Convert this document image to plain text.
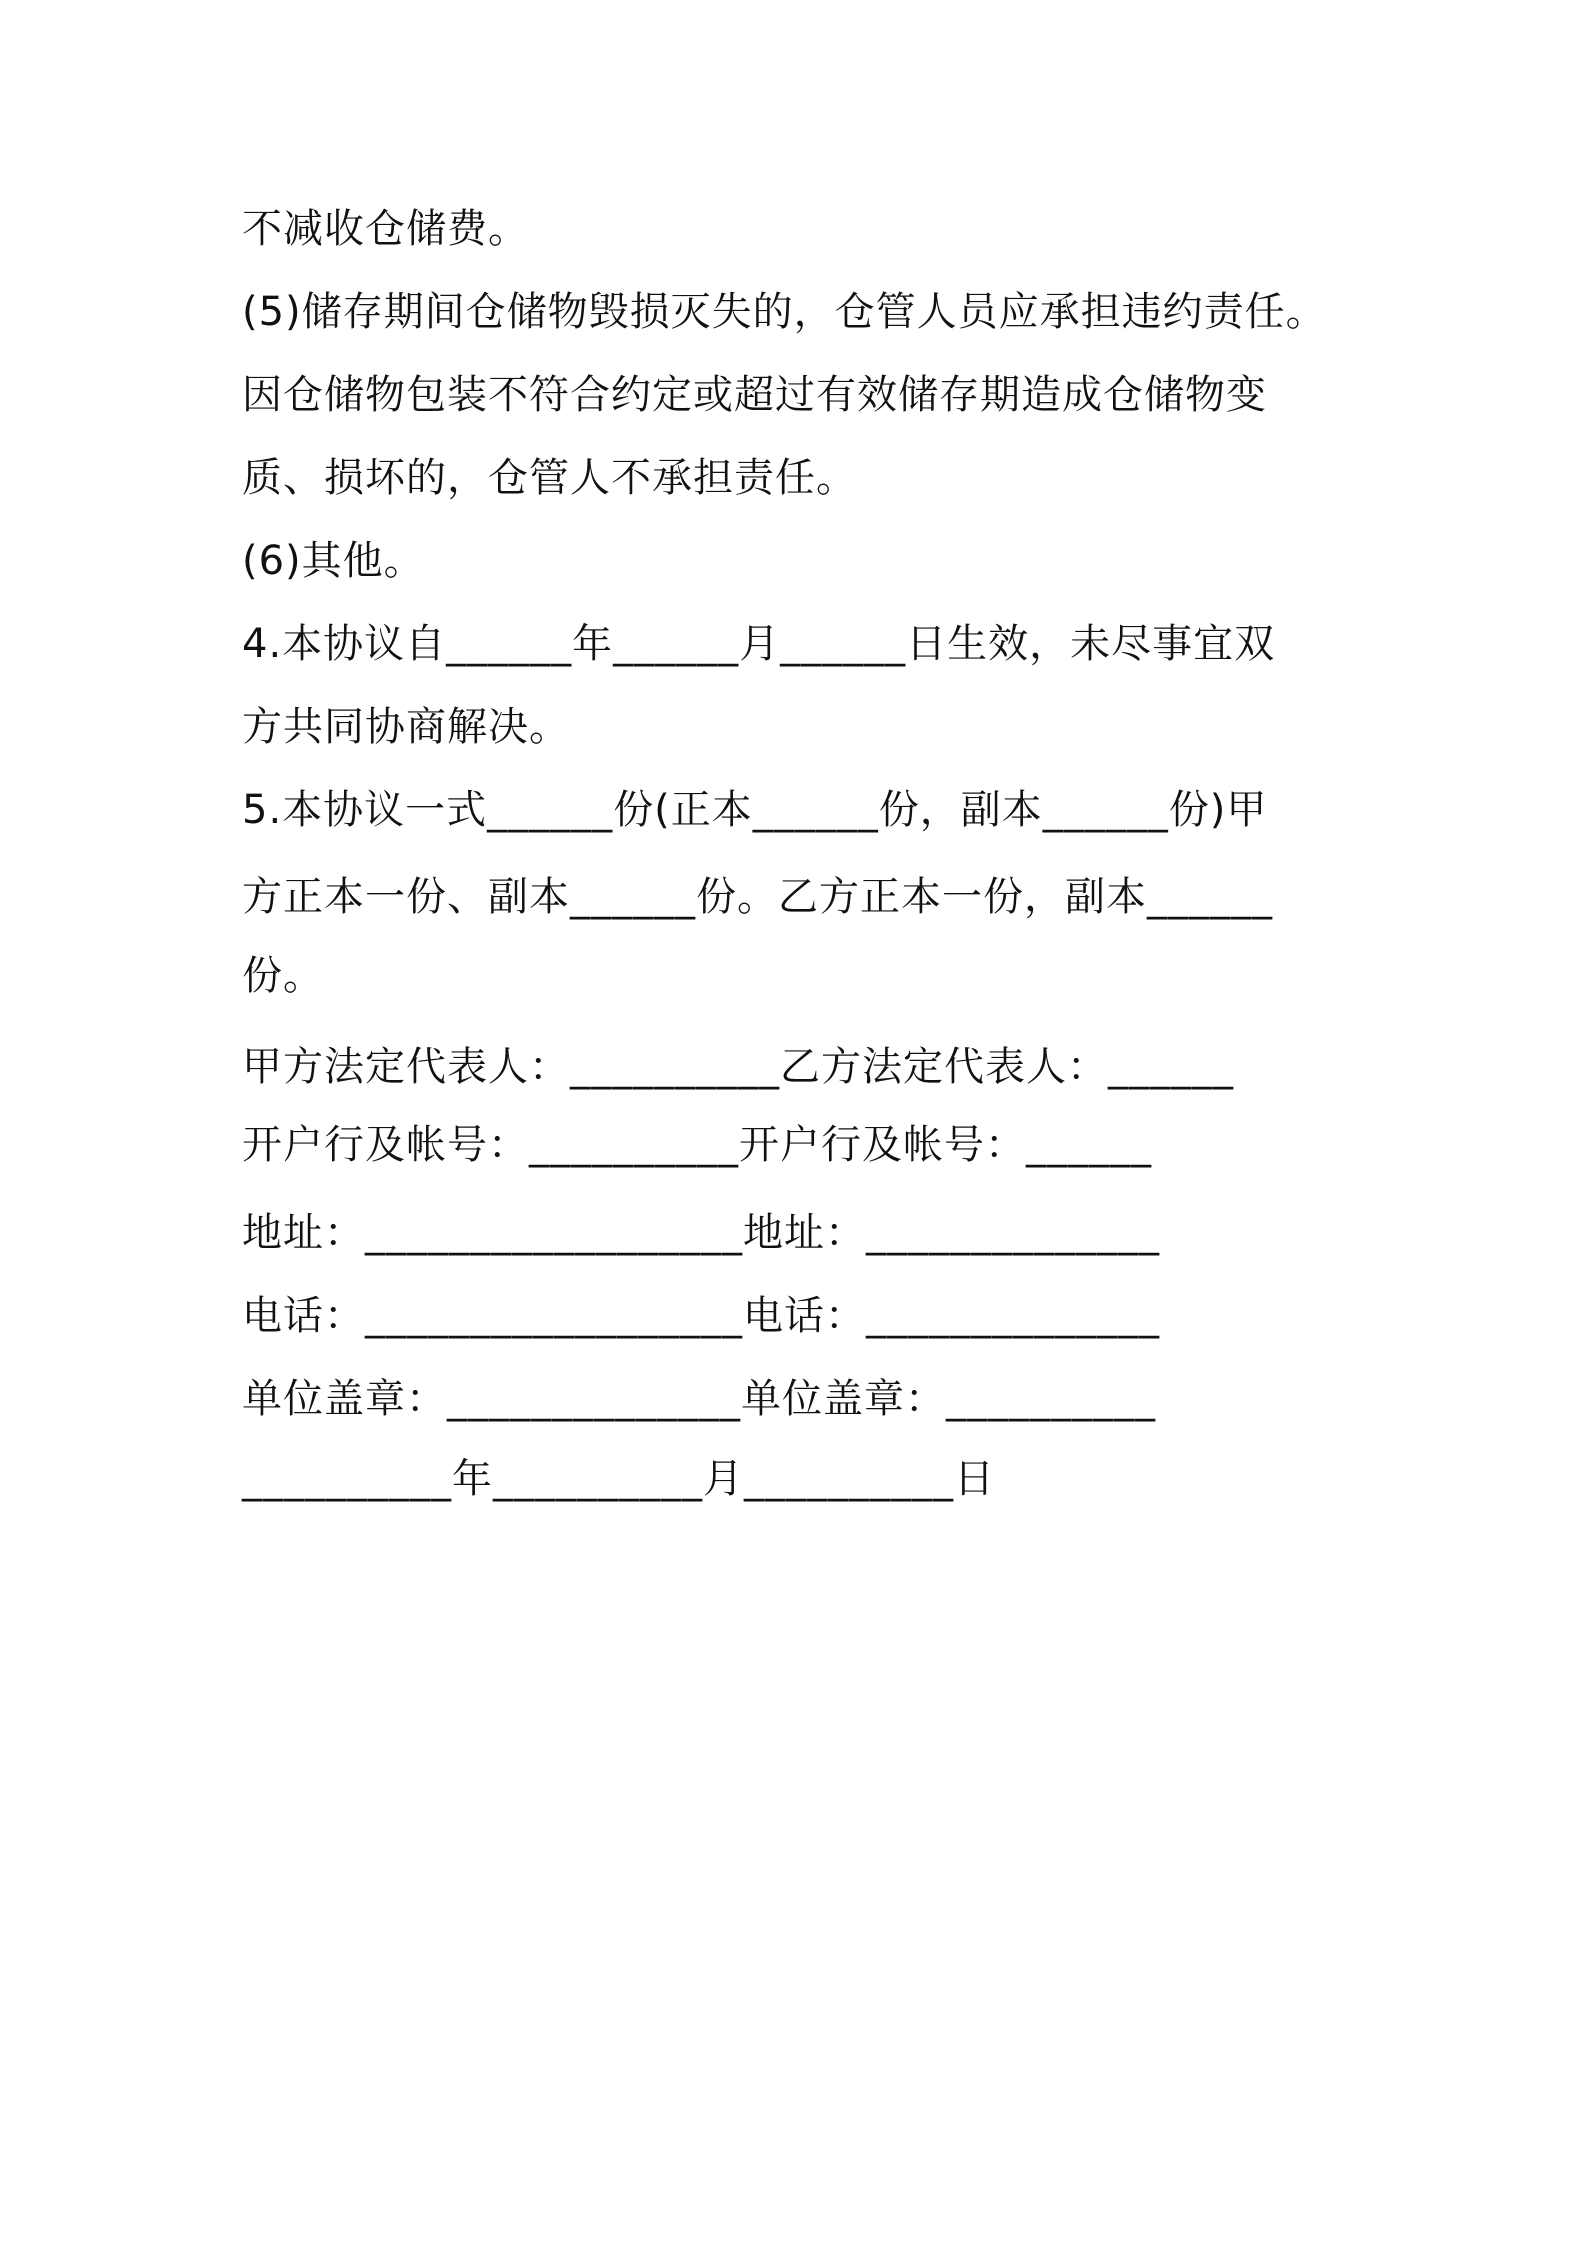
不减收仓储费。
(5)储存期间仓储物毁损灭失的，仓管人员应承担违约责任。
因仓储物包装不符合约定或超过有效储存期造成仓储物变
质、损坏的，仓管人不承担责任。
(6)其他。
4.本协议自______年______月______日生效，未尽事宜双
方共同协商解决。
5.本协议一式______份(正本______份，副本______份)甲
方正本一份、副本______份。乙方正本一份，副本______
份。
甲方法定代表人：__________乙方法定代表人：______
开户行及帐号：__________开户行及帐号：______
地址：__________________地址：______________
电话：__________________电话：______________
单位盖章：______________单位盖章：__________
__________年__________月__________日
